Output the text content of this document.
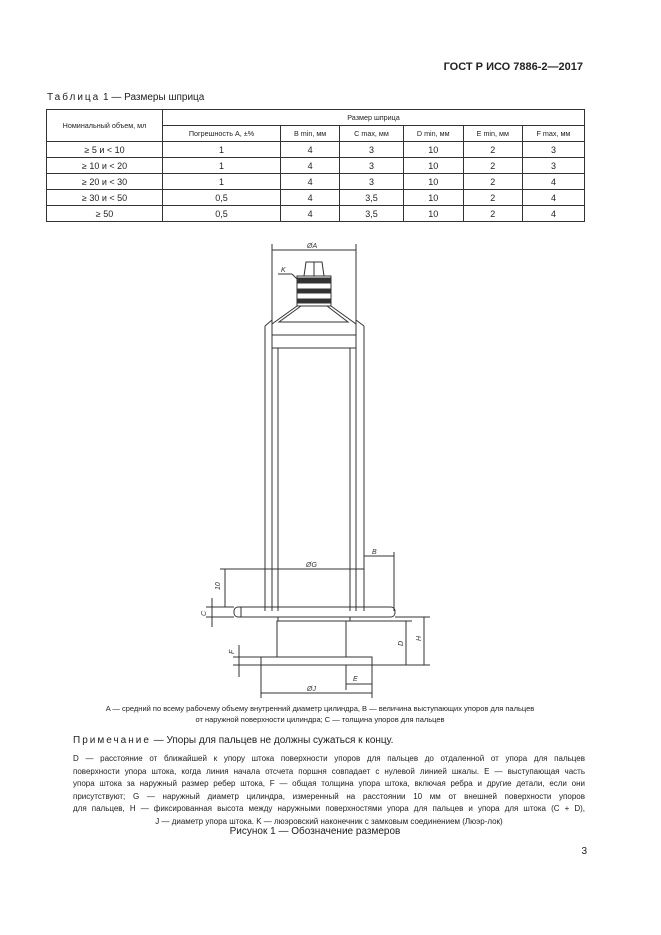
ГОСТ Р ИСО 7886-2—2017
Таблица 1 — Размеры шприца
Номинальный объем, мл	Размер шприца					
	Погрешность A, ±%	B min, мм	C max, мм	D min, мм	E min, мм	F max, мм
≥ 5 и < 10	1	4	3	10	2	3
≥ 10 и < 20	1	4	3	10	2	3
≥ 20 и < 30	1	4	3	10	2	4
≥ 30 и < 50	0,5	4	3,5	10	2	4
≥ 50	0,5	4	3,5	10	2	4
ØA
K
ØG
B
10
C
D
H
F
ØJ
E
A — средний по всему рабочему объему внутренний диаметр цилиндра, B — величина выступающих упоров для пальцев
от наружной поверхности цилиндра; C — толщина упоров для пальцев
Примечание — Упоры для пальцев не должны сужаться к концу.

D — расстояние от ближайшей к упору штока поверхности упоров для пальцев до отдаленной от упора для пальцев

поверхности упора штока, когда линия начала отсчета поршня совпадает с нулевой линией шкалы. E — выступающая часть

упора штока за наружный размер ребер штока, F — общая толщина упора штока, включая ребра и другие детали, если они

присутствуют; G — наружный диаметр цилиндра, измеренный на расстоянии 10 мм от внешней поверхности упоров

для пальцев, H — фиксированная высота между наружными поверхностями упора для пальцев и упора для штока (C + D),

J — диаметр упора штока. K — люэровский наконечник с замковым соединением (Люэр-лок)

Рисунок 1 — Обозначение размеров
3
